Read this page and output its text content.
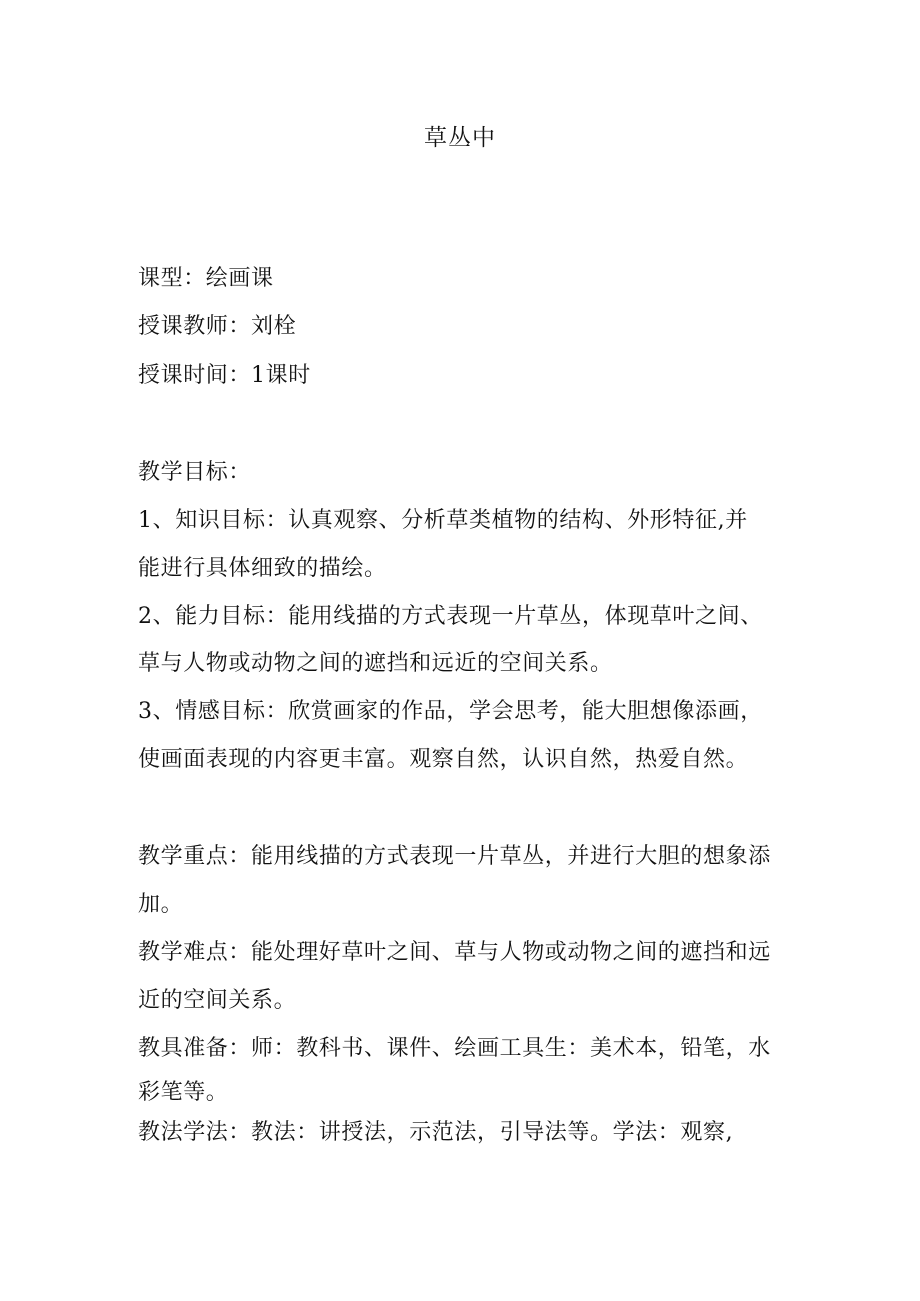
草丛中
课型：绘画课
授课教师：刘栓
授课时间：1课时
教学目标：
1、知识目标：认真观察、分析草类植物的结构、外形特征,并
能进行具体细致的描绘。
2、能力目标：能用线描的方式表现一片草丛，体现草叶之间、
草与人物或动物之间的遮挡和远近的空间关系。
3、情感目标：欣赏画家的作品，学会思考，能大胆想像添画，
使画面表现的内容更丰富。观察自然，认识自然，热爱自然。
教学重点：能用线描的方式表现一片草丛，并进行大胆的想象添
加。
教学难点：能处理好草叶之间、草与人物或动物之间的遮挡和远
近的空间关系。
教具准备：师：教科书、课件、绘画工具生：美术本，铅笔，水
彩笔等。
教法学法：教法：讲授法，示范法，引导法等。学法：观察,
